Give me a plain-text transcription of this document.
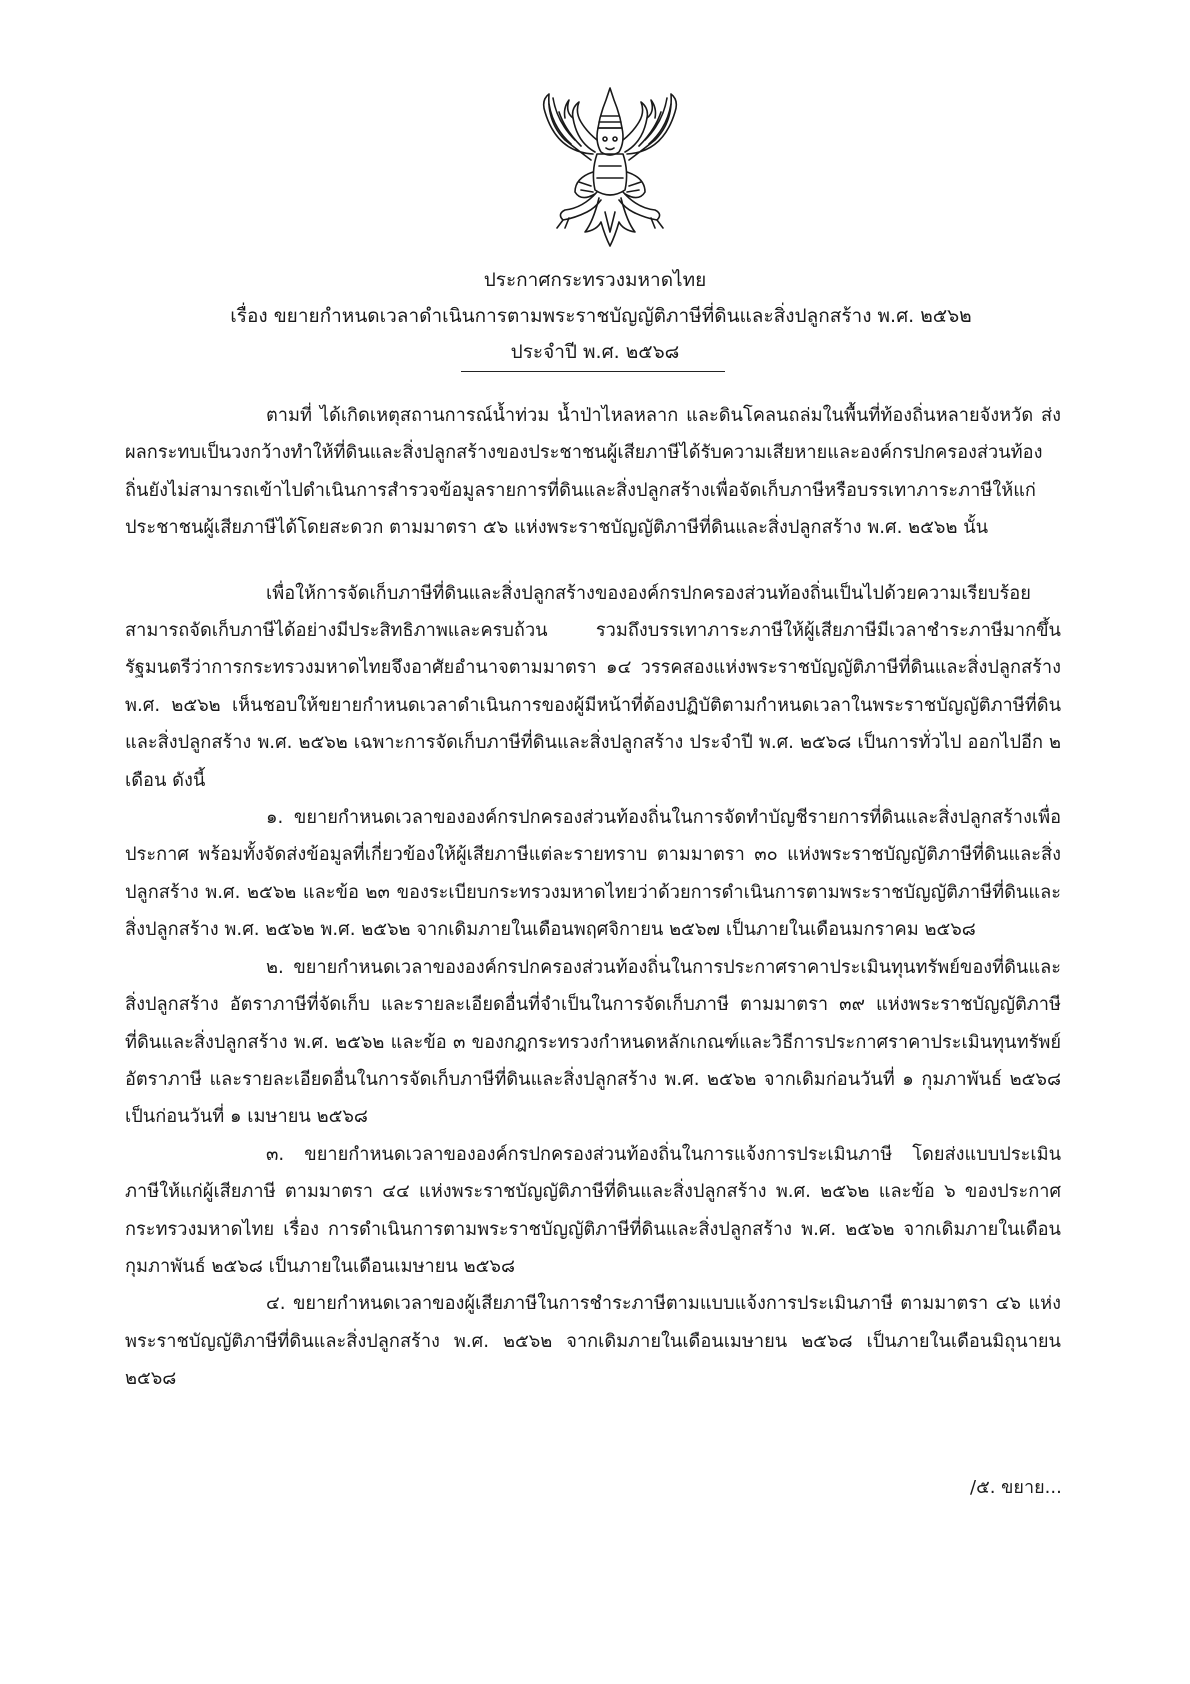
ประกาศกระทรวงมหาดไทย
เรื่อง ขยายกำหนดเวลาดำเนินการตามพระราชบัญญัติภาษีที่ดินและสิ่งปลูกสร้าง พ.ศ. ๒๕๖๒
ประจำปี พ.ศ. ๒๕๖๘

ตามที่ ได้เกิดเหตุสถานการณ์น้ำท่วม น้ำป่าไหลหลาก และดินโคลนถล่มในพื้นที่ท้องถิ่นหลายจังหวัด ส่งผลกระทบเป็นวงกว้างทำให้ที่ดินและสิ่งปลูกสร้างของประชาชนผู้เสียภาษีได้รับความเสียหายและองค์กรปกครองส่วนท้องถิ่นยังไม่สามารถเข้าไปดำเนินการสำรวจข้อมูลรายการที่ดินและสิ่งปลูกสร้างเพื่อจัดเก็บภาษีหรือบรรเทาภาระภาษีให้แก่ประชาชนผู้เสียภาษีได้โดยสะดวก ตามมาตรา ๕๖ แห่งพระราชบัญญัติภาษีที่ดินและสิ่งปลูกสร้าง พ.ศ. ๒๕๖๒ นั้น

เพื่อให้การจัดเก็บภาษีที่ดินและสิ่งปลูกสร้างขององค์กรปกครองส่วนท้องถิ่นเป็นไปด้วยความเรียบร้อย สามารถจัดเก็บภาษีได้อย่างมีประสิทธิภาพและครบถ้วน รวมถึงบรรเทาภาระภาษีให้ผู้เสียภาษีมีเวลาชำระภาษีมากขึ้น รัฐมนตรีว่าการกระทรวงมหาดไทยจึงอาศัยอำนาจตามมาตรา ๑๔ วรรคสองแห่งพระราชบัญญัติภาษีที่ดินและสิ่งปลูกสร้าง พ.ศ. ๒๕๖๒ เห็นชอบให้ขยายกำหนดเวลาดำเนินการของผู้มีหน้าที่ต้องปฏิบัติตามกำหนดเวลาในพระราชบัญญัติภาษีที่ดินและสิ่งปลูกสร้าง พ.ศ. ๒๕๖๒ เฉพาะการจัดเก็บภาษีที่ดินและสิ่งปลูกสร้าง ประจำปี พ.ศ. ๒๕๖๘ เป็นการทั่วไป ออกไปอีก ๒ เดือน ดังนี้

๑. ขยายกำหนดเวลาขององค์กรปกครองส่วนท้องถิ่นในการจัดทำบัญชีรายการที่ดินและสิ่งปลูกสร้างเพื่อประกาศ พร้อมทั้งจัดส่งข้อมูลที่เกี่ยวข้องให้ผู้เสียภาษีแต่ละรายทราบ ตามมาตรา ๓๐ แห่งพระราชบัญญัติภาษีที่ดินและสิ่งปลูกสร้าง พ.ศ. ๒๕๖๒ และข้อ ๒๓ ของระเบียบกระทรวงมหาดไทยว่าด้วยการดำเนินการตามพระราชบัญญัติภาษีที่ดินและสิ่งปลูกสร้าง พ.ศ. ๒๕๖๒ พ.ศ. ๒๕๖๒ จากเดิมภายในเดือนพฤศจิกายน ๒๕๖๗ เป็นภายในเดือนมกราคม ๒๕๖๘

๒. ขยายกำหนดเวลาขององค์กรปกครองส่วนท้องถิ่นในการประกาศราคาประเมินทุนทรัพย์ของที่ดินและสิ่งปลูกสร้าง อัตราภาษีที่จัดเก็บ และรายละเอียดอื่นที่จำเป็นในการจัดเก็บภาษี ตามมาตรา ๓๙ แห่งพระราชบัญญัติภาษีที่ดินและสิ่งปลูกสร้าง พ.ศ. ๒๕๖๒ และข้อ ๓ ของกฎกระทรวงกำหนดหลักเกณฑ์และวิธีการประกาศราคาประเมินทุนทรัพย์ อัตราภาษี และรายละเอียดอื่นในการจัดเก็บภาษีที่ดินและสิ่งปลูกสร้าง พ.ศ. ๒๕๖๒ จากเดิมก่อนวันที่ ๑ กุมภาพันธ์ ๒๕๖๘ เป็นก่อนวันที่ ๑ เมษายน ๒๕๖๘

๓. ขยายกำหนดเวลาขององค์กรปกครองส่วนท้องถิ่นในการแจ้งการประเมินภาษี โดยส่งแบบประเมินภาษีให้แก่ผู้เสียภาษี ตามมาตรา ๔๔ แห่งพระราชบัญญัติภาษีที่ดินและสิ่งปลูกสร้าง พ.ศ. ๒๕๖๒ และข้อ ๖ ของประกาศกระทรวงมหาดไทย เรื่อง การดำเนินการตามพระราชบัญญัติภาษีที่ดินและสิ่งปลูกสร้าง พ.ศ. ๒๕๖๒ จากเดิมภายในเดือนกุมภาพันธ์ ๒๕๖๘ เป็นภายในเดือนเมษายน ๒๕๖๘

๔. ขยายกำหนดเวลาของผู้เสียภาษีในการชำระภาษีตามแบบแจ้งการประเมินภาษี ตามมาตรา ๔๖ แห่งพระราชบัญญัติภาษีที่ดินและสิ่งปลูกสร้าง พ.ศ. ๒๕๖๒ จากเดิมภายในเดือนเมษายน ๒๕๖๘ เป็นภายในเดือนมิถุนายน ๒๕๖๘

/๕. ขยาย...
